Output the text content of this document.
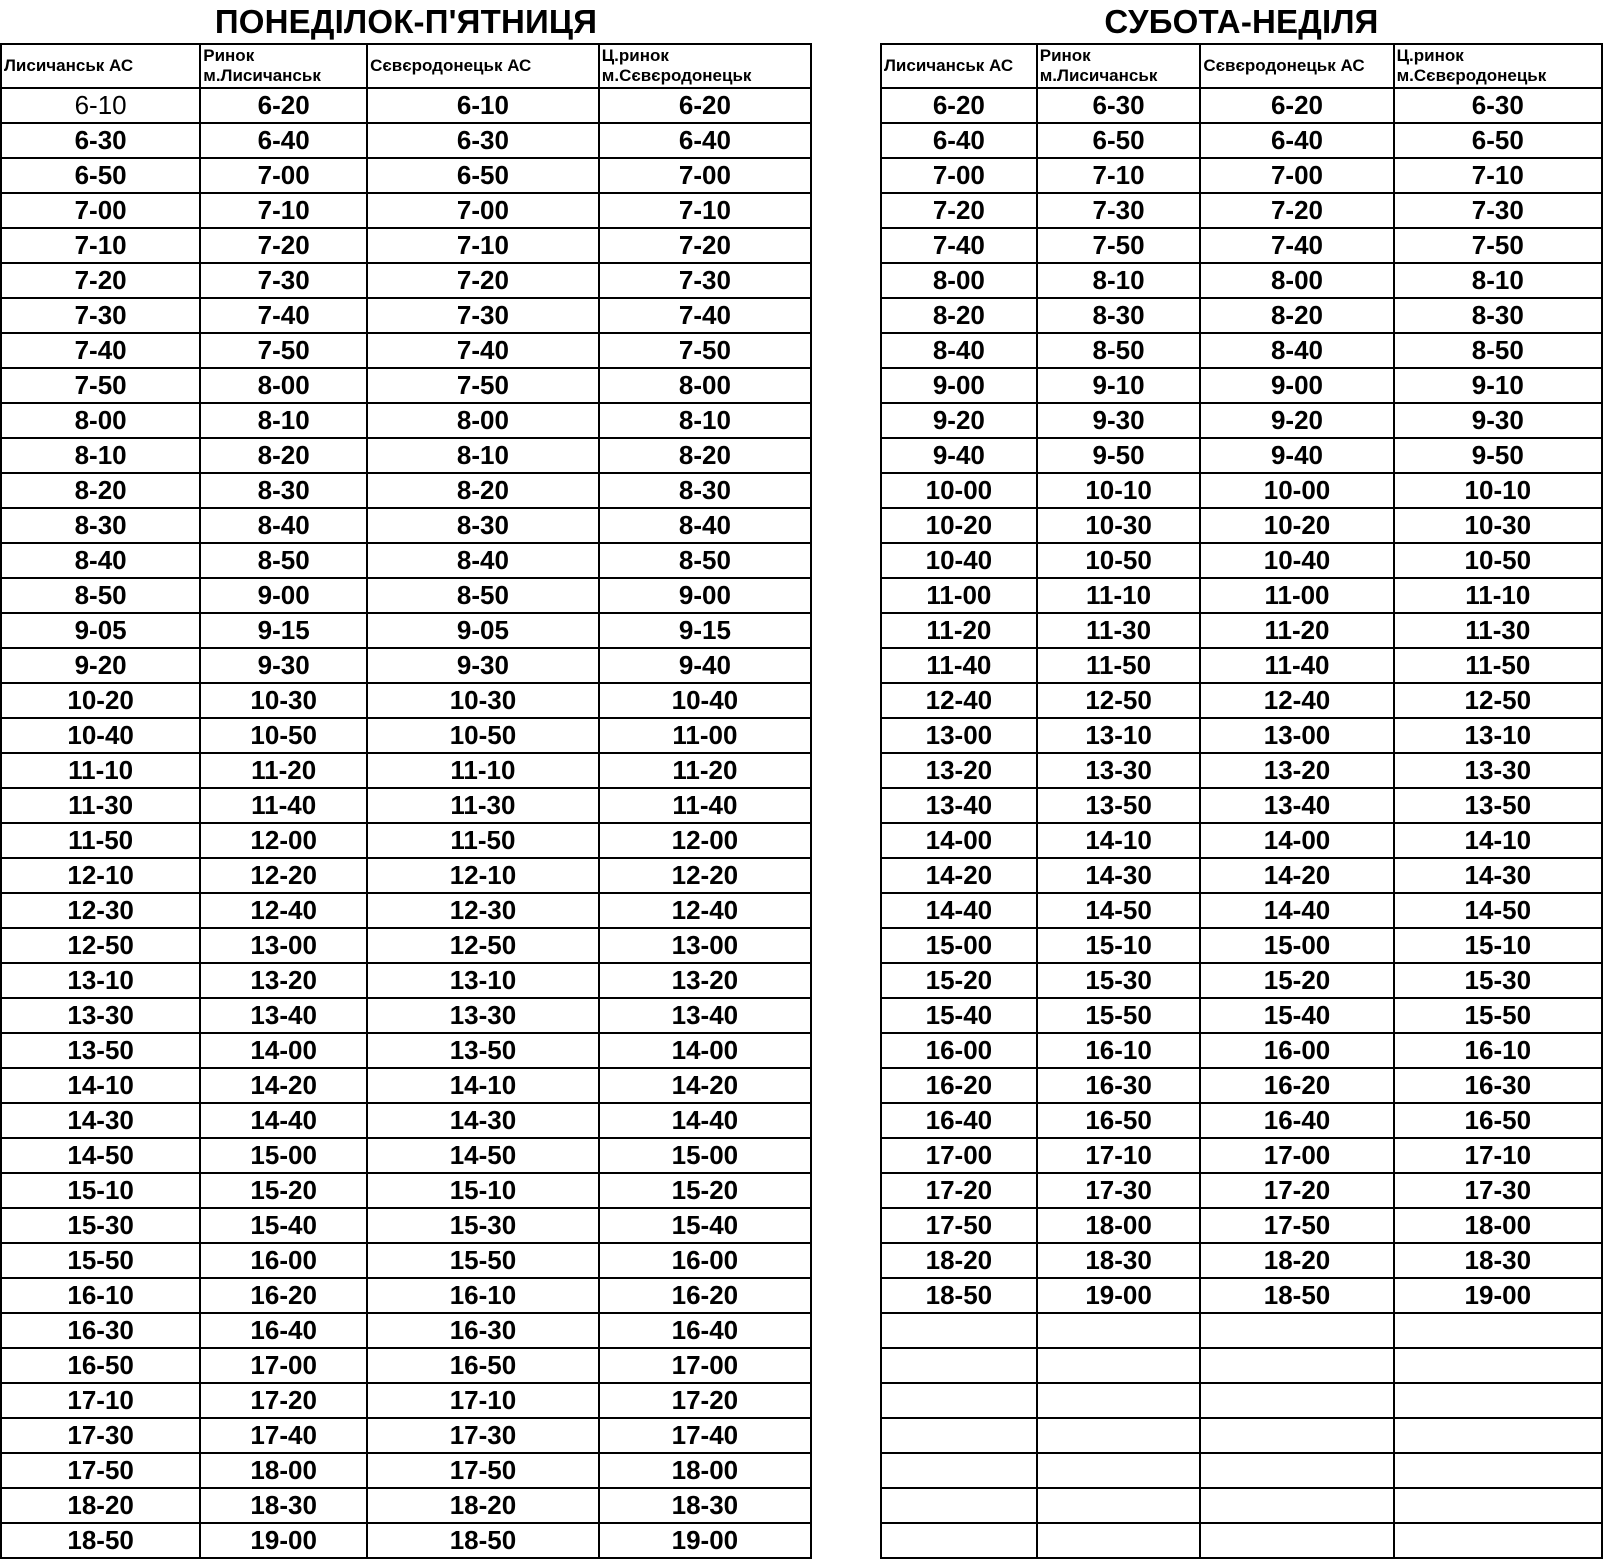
ПОНЕДІЛОК-П'ЯТНИЦЯ
Лисичанськ АС	Ринок
м.Лисичанськ	Сєвєродонецьк АС	Ц.ринок
м.Сєвєродонецьк

6-10	6-20	6-10	6-20
6-30	6-40	6-30	6-40
6-50	7-00	6-50	7-00
7-00	7-10	7-00	7-10
7-10	7-20	7-10	7-20
7-20	7-30	7-20	7-30
7-30	7-40	7-30	7-40
7-40	7-50	7-40	7-50
7-50	8-00	7-50	8-00
8-00	8-10	8-00	8-10
8-10	8-20	8-10	8-20
8-20	8-30	8-20	8-30
8-30	8-40	8-30	8-40
8-40	8-50	8-40	8-50
8-50	9-00	8-50	9-00
9-05	9-15	9-05	9-15
9-20	9-30	9-30	9-40
10-20	10-30	10-30	10-40
10-40	10-50	10-50	11-00
11-10	11-20	11-10	11-20
11-30	11-40	11-30	11-40
11-50	12-00	11-50	12-00
12-10	12-20	12-10	12-20
12-30	12-40	12-30	12-40
12-50	13-00	12-50	13-00
13-10	13-20	13-10	13-20
13-30	13-40	13-30	13-40
13-50	14-00	13-50	14-00
14-10	14-20	14-10	14-20
14-30	14-40	14-30	14-40
14-50	15-00	14-50	15-00
15-10	15-20	15-10	15-20
15-30	15-40	15-30	15-40
15-50	16-00	15-50	16-00
16-10	16-20	16-10	16-20
16-30	16-40	16-30	16-40
16-50	17-00	16-50	17-00
17-10	17-20	17-10	17-20
17-30	17-40	17-30	17-40
17-50	18-00	17-50	18-00
18-20	18-30	18-20	18-30
18-50	19-00	18-50	19-00
СУБОТА-НЕДІЛЯ
Лисичанськ АС	Ринок
м.Лисичанськ	Сєвєродонецьк АС	Ц.ринок
м.Сєвєродонецьк

6-20	6-30	6-20	6-30
6-40	6-50	6-40	6-50
7-00	7-10	7-00	7-10
7-20	7-30	7-20	7-30
7-40	7-50	7-40	7-50
8-00	8-10	8-00	8-10
8-20	8-30	8-20	8-30
8-40	8-50	8-40	8-50
9-00	9-10	9-00	9-10
9-20	9-30	9-20	9-30
9-40	9-50	9-40	9-50
10-00	10-10	10-00	10-10
10-20	10-30	10-20	10-30
10-40	10-50	10-40	10-50
11-00	11-10	11-00	11-10
11-20	11-30	11-20	11-30
11-40	11-50	11-40	11-50
12-40	12-50	12-40	12-50
13-00	13-10	13-00	13-10
13-20	13-30	13-20	13-30
13-40	13-50	13-40	13-50
14-00	14-10	14-00	14-10
14-20	14-30	14-20	14-30
14-40	14-50	14-40	14-50
15-00	15-10	15-00	15-10
15-20	15-30	15-20	15-30
15-40	15-50	15-40	15-50
16-00	16-10	16-00	16-10
16-20	16-30	16-20	16-30
16-40	16-50	16-40	16-50
17-00	17-10	17-00	17-10
17-20	17-30	17-20	17-30
17-50	18-00	17-50	18-00
18-20	18-30	18-20	18-30
18-50	19-00	18-50	19-00
